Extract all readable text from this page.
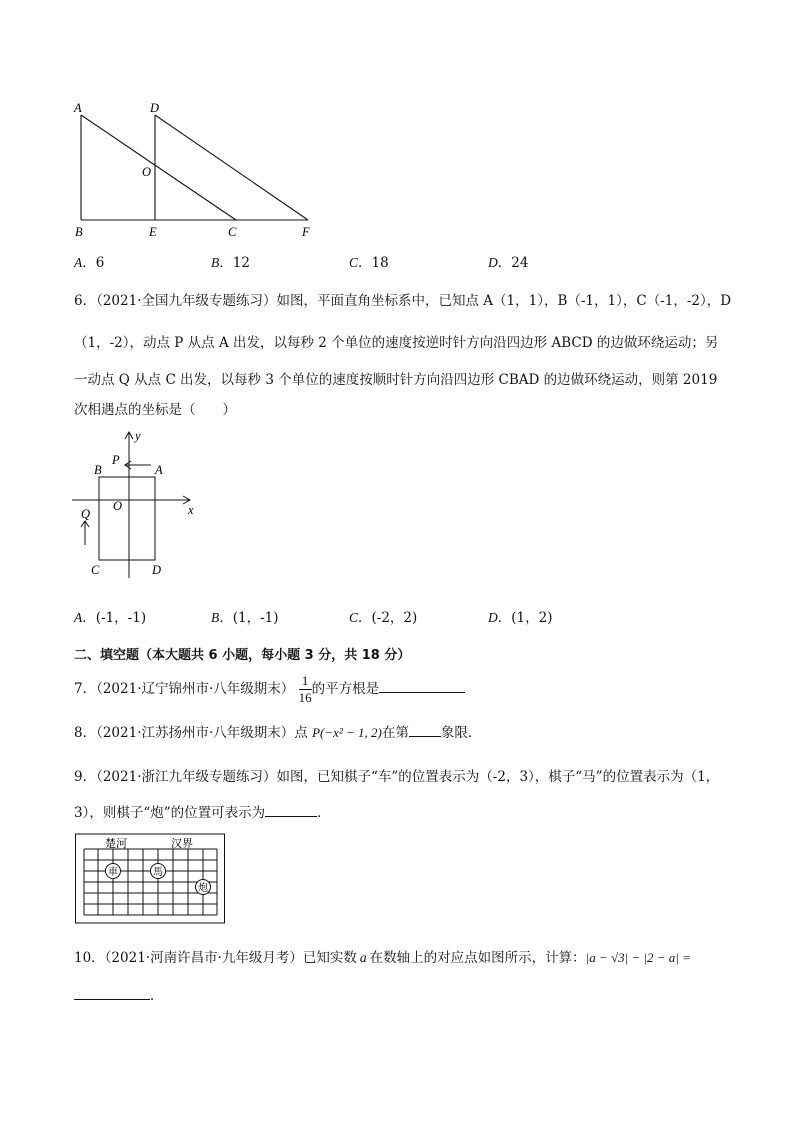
A	D
O
B	E	C	F
A．6	B．12	C．18	D．24
6．（2021·全国九年级专题练习）如图，平面直角坐标系中，已知点 A（1，1），B（-1，1），C（-1，-2），D
（1，-2），动点 P 从点 A 出发，以每秒 2 个单位的速度按逆时针方向沿四边形 ABCD 的边做环绕运动；另
一动点 Q 从点 C 出发，以每秒 3 个单位的速度按顺时针方向沿四边形 CBAD 的边做环绕运动，则第 2019
次相遇点的坐标是（　　）
y
x
P
B	A
O
Q
C	D
A．(-1，-1)	B．(1，-1)	C．(-2，2)	D．(1，2)
二、填空题（本大题共 6 小题，每小题 3 分，共 18 分）
7．（2021·辽宁锦州市·八年级期末） $\frac{1}{16}$ 的平方根是
8．（2021·江苏扬州市·八年级期末）点 P(−x² − 1, 2)在第 象限．
9．（2021·浙江九年级专题练习）如图，已知棋子“车”的位置表示为（-2，3），棋子“马”的位置表示为（1，
3），则棋子“炮”的位置可表示为	．
楚河	汉界
車	馬
炮
10．（2021·河南许昌市·九年级月考）已知实数 a 在数轴上的对应点如图所示，计算：|a − √3| − |2 − a| =
．
